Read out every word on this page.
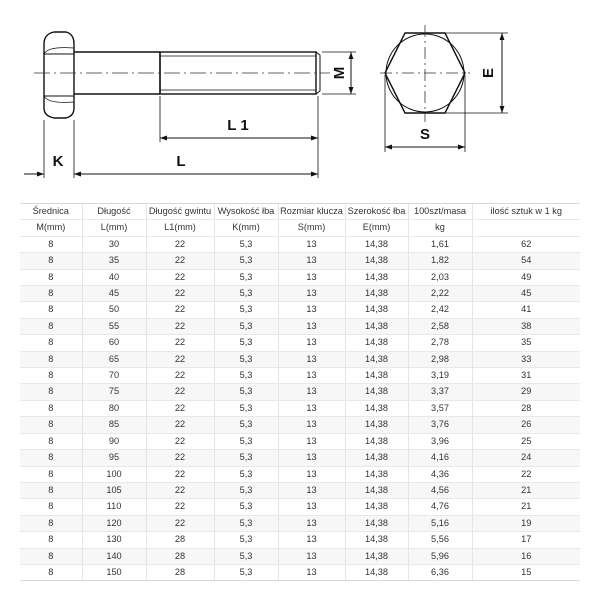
L 1
L
K
M	E
S
Średnica	Długość	Długość gwintu	Wysokość łba	Rozmiar klucza	Szerokość łba	100szt/masa	ilość sztuk w 1 kg
M(mm)	L(mm)	L1(mm)	K(mm)	S(mm)	E(mm)	kg	
8	30	22	5,3	13	14,38	1,61	62
8	35	22	5,3	13	14,38	1,82	54
8	40	22	5,3	13	14,38	2,03	49
8	45	22	5,3	13	14,38	2,22	45
8	50	22	5,3	13	14,38	2,42	41
8	55	22	5,3	13	14,38	2,58	38
8	60	22	5,3	13	14,38	2,78	35
8	65	22	5,3	13	14,38	2,98	33
8	70	22	5,3	13	14,38	3,19	31
8	75	22	5,3	13	14,38	3,37	29
8	80	22	5,3	13	14,38	3,57	28
8	85	22	5,3	13	14,38	3,76	26
8	90	22	5,3	13	14,38	3,96	25
8	95	22	5,3	13	14,38	4,16	24
8	100	22	5,3	13	14,38	4,36	22
8	105	22	5,3	13	14,38	4,56	21
8	110	22	5,3	13	14,38	4,76	21
8	120	22	5,3	13	14,38	5,16	19
8	130	28	5,3	13	14,38	5,56	17
8	140	28	5,3	13	14,38	5,96	16
8	150	28	5,3	13	14,38	6,36	15
